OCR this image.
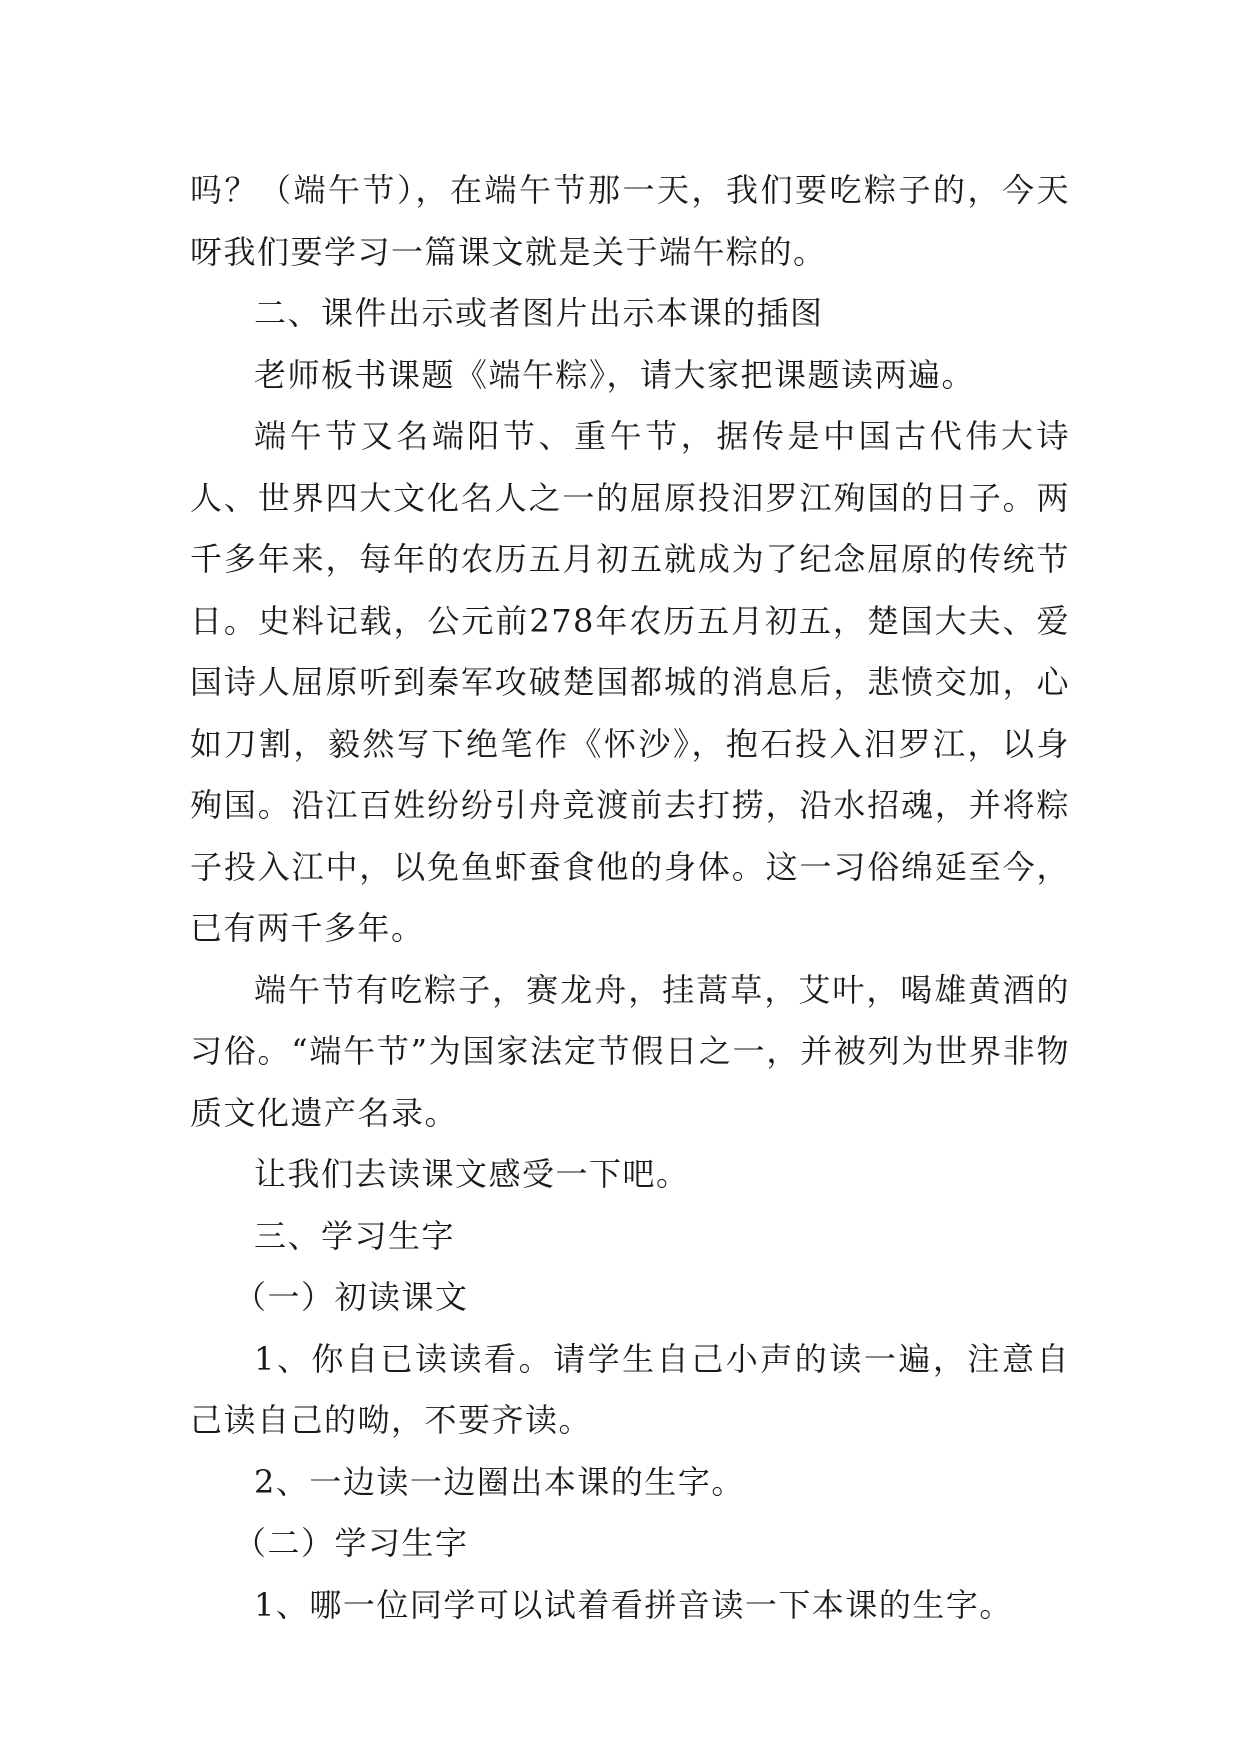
吗？（端午节），在端午节那一天，我们要吃粽子的，今天呀我们要学习一篇课文就是关于端午粽的。

二、课件出示或者图片出示本课的插图

老师板书课题《端午粽》，请大家把课题读两遍。

端午节又名端阳节、重午节，据传是中国古代伟大诗人、世界四大文化名人之一的屈原投汨罗江殉国的日子。两千多年来，每年的农历五月初五就成为了纪念屈原的传统节日。史料记载，公元前278年农历五月初五，楚国大夫、爱国诗人屈原听到秦军攻破楚国都城的消息后，悲愤交加，心如刀割，毅然写下绝笔作《怀沙》，抱石投入汨罗江，以身殉国。沿江百姓纷纷引舟竞渡前去打捞，沿水招魂，并将粽子投入江中，以免鱼虾蚕食他的身体。这一习俗绵延至今，已有两千多年。

端午节有吃粽子，赛龙舟，挂蒿草，艾叶，喝雄黄酒的习俗。“端午节”为国家法定节假日之一，并被列为世界非物质文化遗产名录。

让我们去读课文感受一下吧。

三、学习生字

（一）初读课文

1、你自已读读看。请学生自己小声的读一遍，注意自己读自己的呦，不要齐读。

2、一边读一边圈出本课的生字。

（二）学习生字

1、哪一位同学可以试着看拼音读一下本课的生字。
